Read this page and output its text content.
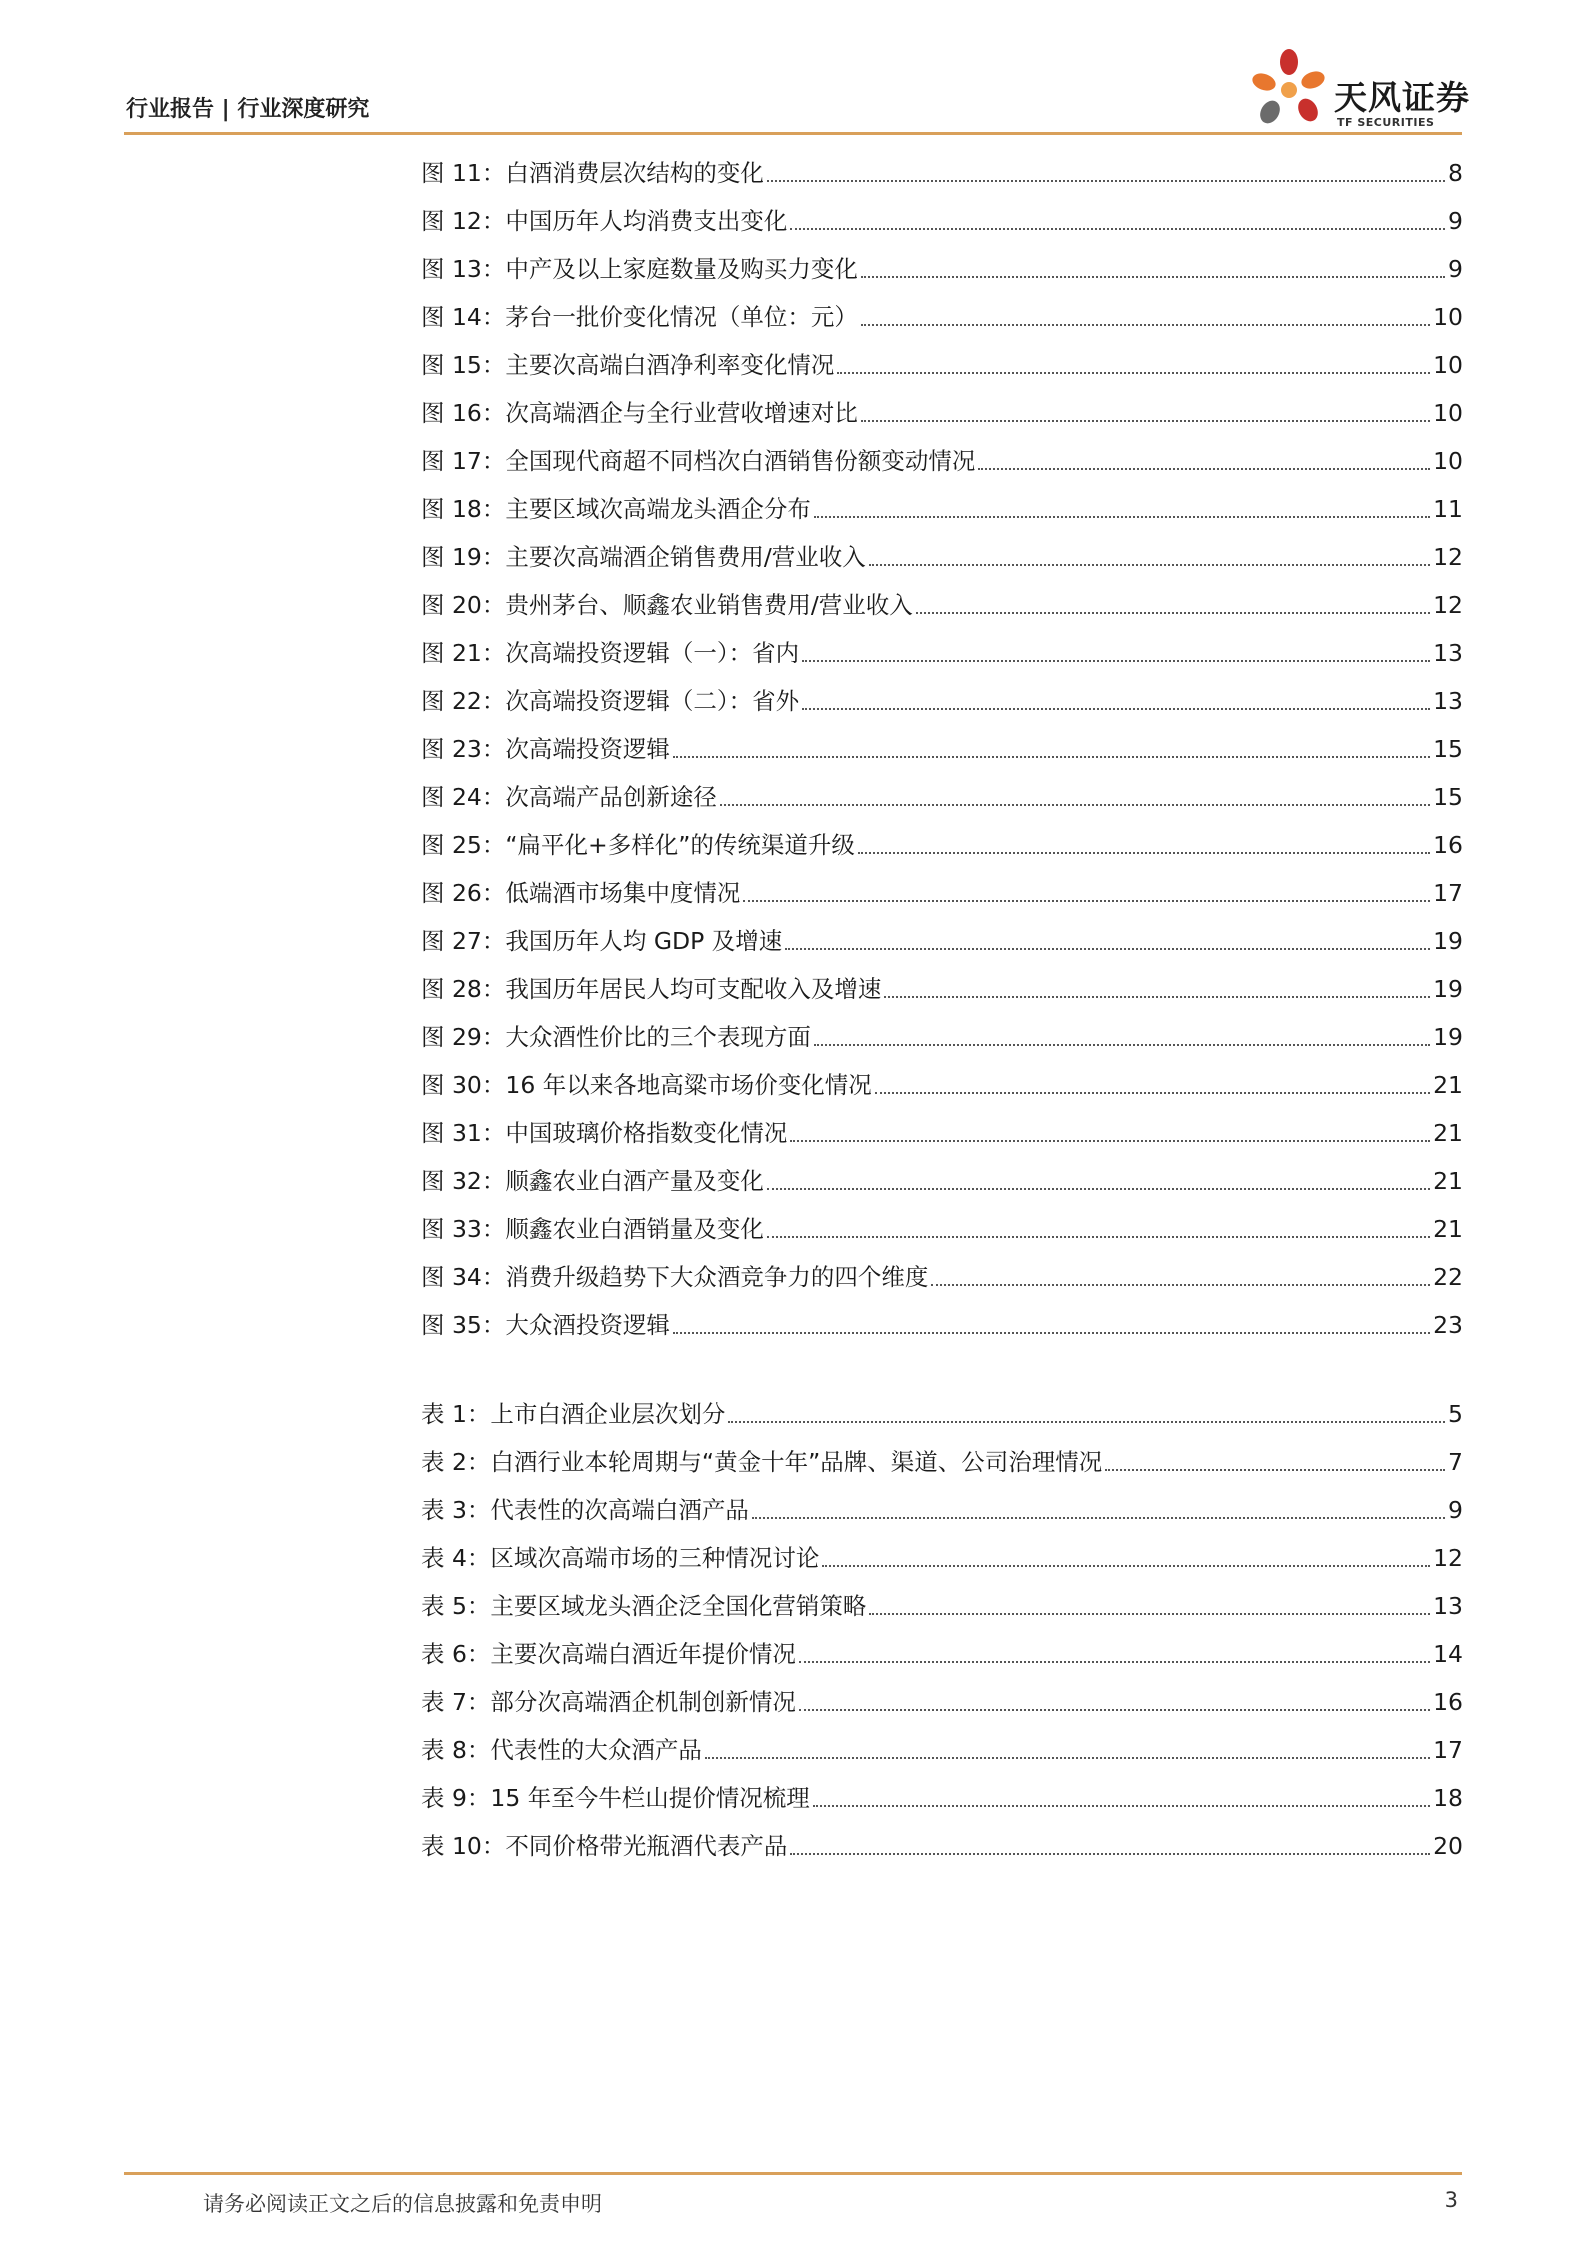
行业报告 | 行业深度研究	天风证券
TF SECURITIES
图 11：白酒消费层次结构的变化	8
图 12：中国历年人均消费支出变化	9
图 13：中产及以上家庭数量及购买力变化	9
图 14：茅台一批价变化情况（单位：元）	10
图 15：主要次高端白酒净利率变化情况	10
图 16：次高端酒企与全行业营收增速对比	10
图 17：全国现代商超不同档次白酒销售份额变动情况	10
图 18：主要区域次高端龙头酒企分布	11
图 19：主要次高端酒企销售费用/营业收入	12
图 20：贵州茅台、顺鑫农业销售费用/营业收入	12
图 21：次高端投资逻辑（一）：省内	13
图 22：次高端投资逻辑（二）：省外	13
图 23：次高端投资逻辑	15
图 24：次高端产品创新途径	15
图 25：“扁平化+多样化”的传统渠道升级	16
图 26：低端酒市场集中度情况	17
图 27：我国历年人均 GDP 及增速	19
图 28：我国历年居民人均可支配收入及增速	19
图 29：大众酒性价比的三个表现方面	19
图 30：16 年以来各地高粱市场价变化情况	21
图 31：中国玻璃价格指数变化情况	21
图 32：顺鑫农业白酒产量及变化	21
图 33：顺鑫农业白酒销量及变化	21
图 34：消费升级趋势下大众酒竞争力的四个维度	22
图 35：大众酒投资逻辑	23
表 1：上市白酒企业层次划分	5
表 2：白酒行业本轮周期与“黄金十年”品牌、渠道、公司治理情况	7
表 3：代表性的次高端白酒产品	9
表 4：区域次高端市场的三种情况讨论	12
表 5：主要区域龙头酒企泛全国化营销策略	13
表 6：主要次高端白酒近年提价情况	14
表 7：部分次高端酒企机制创新情况	16
表 8：代表性的大众酒产品	17
表 9：15 年至今牛栏山提价情况梳理	18
表 10：不同价格带光瓶酒代表产品	20
请务必阅读正文之后的信息披露和免责申明	3
